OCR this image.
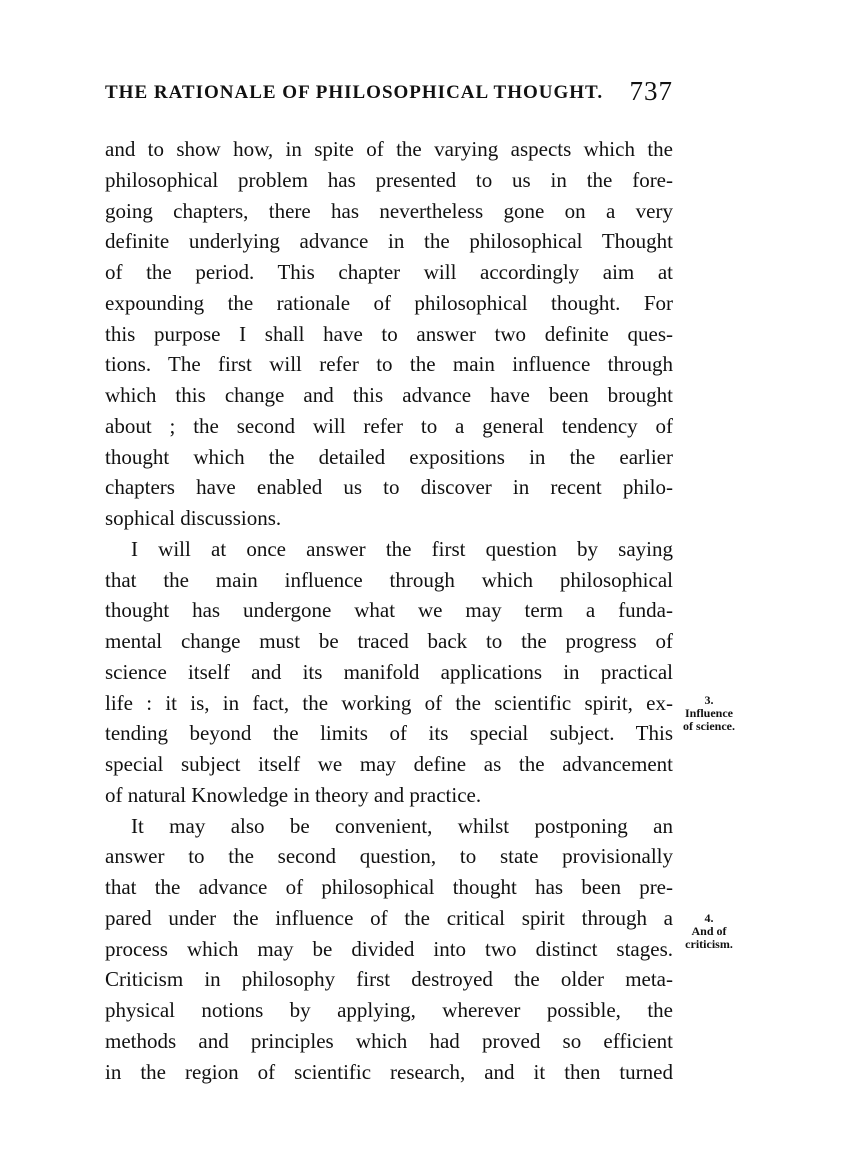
THE RATIONALE OF PHILOSOPHICAL THOUGHT. 737
and to show how, in spite of the varying aspects which the
philosophical problem has presented to us in the fore-
going chapters, there has nevertheless gone on a very
definite underlying advance in the philosophical Thought
of the period. This chapter will accordingly aim at
expounding the rationale of philosophical thought. For
this purpose I shall have to answer two definite ques-
tions. The first will refer to the main influence through
which this change and this advance have been brought
about ; the second will refer to a general tendency of
thought which the detailed expositions in the earlier
chapters have enabled us to discover in recent philo-
sophical discussions.
I will at once answer the first question by saying
that the main influence through which philosophical
thought has undergone what we may term a funda-
mental change must be traced back to the progress of
science itself and its manifold applications in practical
life : it is, in fact, the working of the scientific spirit, ex-
tending beyond the limits of its special subject. This
special subject itself we may define as the advancement
of natural Knowledge in theory and practice.
It may also be convenient, whilst postponing an
answer to the second question, to state provisionally
that the advance of philosophical thought has been pre-
pared under the influence of the critical spirit through a
process which may be divided into two distinct stages.
Criticism in philosophy first destroyed the older meta-
physical notions by applying, wherever possible, the
methods and principles which had proved so efficient
in the region of scientific research, and it then turned
3.
Influence
of science.
4.
And of
criticism.
